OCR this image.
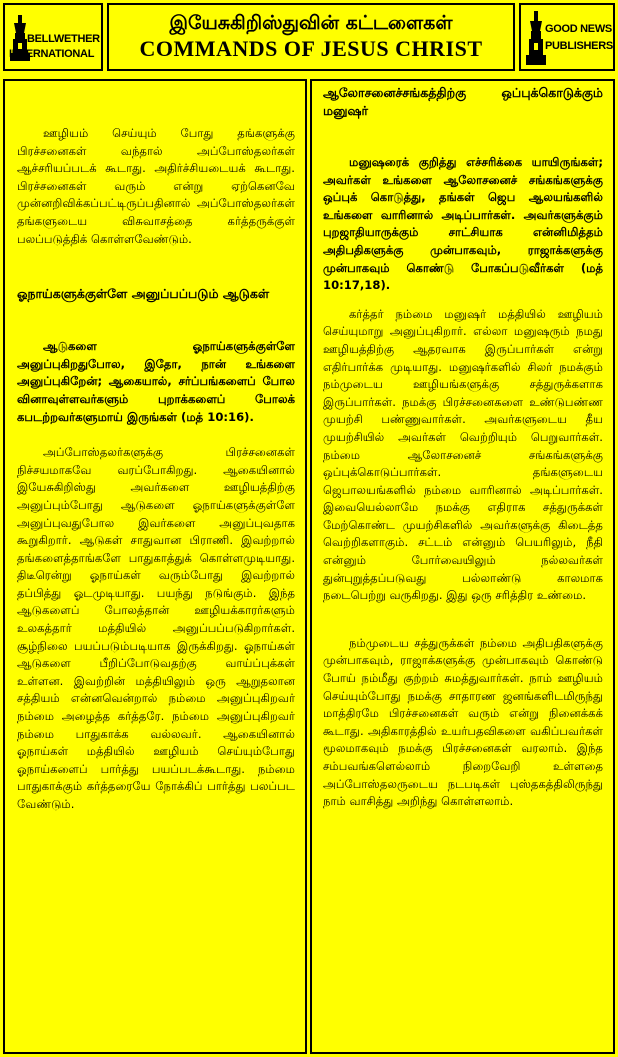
BELLWETHER
INTERNATIONAL
இயேசுகிறிஸ்துவின் கட்டளைகள்
COMMANDS OF JESUS CHRIST
GOOD NEWS
PUBLISHERS

ஊழியம் செய்யும் போது தங்களுக்கு பிரச்சனைகள் வந்தால் அப்போஸ்தலர்கள் ஆச்சரியப்படக் கூடாது. அதிர்ச்சியடையக் கூடாது. பிரச்சனைகள் வரும் என்று ஏற்கெனவே முன்னறிவிக்கப்பட்டிருப்பதினால் அப்போஸ்தலர்கள் தங்களுடைய விசுவாசத்தை கர்த்தருக்குள் பலப்படுத்திக் கொள்ளவேண்டும்.

ஓநாய்களுக்குள்ளே அனுப்பப்படும் ஆடுகள்

ஆடுகளை ஓநாய்களுக்குள்ளே அனுப்புகிறதுபோல, இதோ, நான் உங்களை அனுப்புகிறேன்; ஆகையால், சர்ப்பங்களைப் போல வினாவுள்ளவர்களும் புறாக்களைப் போலக் கபடற்றவர்களுமாய் இருங்கள் (மத் 10:16).

அப்போஸ்தலர்களுக்கு பிரச்சனைகள் நிச்சயமாகவே வரப்போகிறது. ஆகையினால் இயேசுகிறிஸ்து அவர்களை ஊழியத்திற்கு அனுப்பும்போது ஆடுகளை ஓநாய்களுக்குள்ளே அனுப்புவதுபோல இவர்களை அனுப்புவதாக கூறுகிறார். ஆடுகள் சாதுவான பிராணி. இவற்றால் தங்களைத்தாங்களே பாதுகாத்துக் கொள்ளமுடியாது. திடீரென்று ஓநாய்கள் வரும்போது இவற்றால் தப்பித்து ஓடமுடியாது. பயந்து நடுங்கும். இந்த ஆடுகளைப் போலத்தான் ஊழியக்காரர்களும் உலகத்தார் மத்தியில் அனுப்பப்படுகிறார்கள். சூழ்நிலை பயப்படும்படியாக இருக்கிறது. ஓநாய்கள் ஆடுகளை பீறிப்போடுவதற்கு வாய்ப்புக்கள் உள்ளன. இவற்றின் மத்தியிலும் ஒரு ஆறுதலான சத்தியம் என்னவென்றால் நம்மை அனுப்புகிறவர் நம்மை அழைத்த கர்த்தரே. நம்மை அனுப்புகிறவர் நம்மை பாதுகாக்க வல்லவர். ஆகையினால் ஓநாய்கள் மத்தியில் ஊழியம் செய்யும்போது ஓநாய்களைப் பார்த்து பயப்படக்கூடாது. நம்மை பாதுகாக்கும் கர்த்தரையே நோக்கிப் பார்த்து பலப்பட வேண்டும்.

ஆலோசனைச்சங்கத்திற்கு ஒப்புக்கொடுக்கும் மனுஷர்

மனுஷரைக் குறித்து எச்சரிக்கை யாயிருங்கள்; அவர்கள் உங்களை ஆலோசனைச் சங்கங்களுக்கு ஒப்புக் கொடுத்து, தங்கள் ஜெப ஆலயங்களில் உங்களை வாரினால் அடிப்பார்கள். அவர்களுக்கும் புறஜாதியாருக்கும் சாட்சியாக என்னிமித்தம் அதிபதிகளுக்கு முன்பாகவும், ராஜாக்களுக்கு முன்பாகவும் கொண்டு போகப்படுவீர்கள் (மத் 10:17,18).

கர்த்தர் நம்மை மனுஷர் மத்தியில் ஊழியம் செய்யுமாறு அனுப்புகிறார். எல்லா மனுஷரும் நமது ஊழியத்திற்கு ஆதரவாக இருப்பார்கள் என்று எதிர்பார்க்க முடியாது. மனுஷர்களில் சிலர் நமக்கும் நம்முடைய ஊழியங்களுக்கு சத்துருக்களாக இருப்பார்கள். நமக்கு பிரச்சனைகளை உண்டுபண்ண முயற்சி பண்ணுவார்கள். அவர்களுடைய தீய முயற்சியில் அவர்கள் வெற்றியும் பெறுவார்கள். நம்மை ஆலோசனைச் சங்கங்களுக்கு ஒப்புக்கொடுப்பார்கள். தங்களுடைய ஜெபாலயங்களில் நம்மை வாரினால் அடிப்பார்கள். இவையெல்லாமே நமக்கு எதிராக சத்துருக்கள் மேற்கொண்ட முயற்சிகளில் அவர்களுக்கு கிடைத்த வெற்றிகளாகும். சட்டம் என்னும் பெயரிலும், நீதி என்னும் போர்வையிலும் நல்லவர்கள் துன்புறுத்தப்படுவது பல்லாண்டு காலமாக நடைபெற்று வருகிறது. இது ஒரு சரித்திர உண்மை.

நம்முடைய சத்துருக்கள் நம்மை அதிபதிகளுக்கு முன்பாகவும், ராஜாக்களுக்கு முன்பாகவும் கொண்டு போய் நம்மீது குற்றம் சுமத்துவார்கள். நாம் ஊழியம் செய்யும்போது நமக்கு சாதாரண ஜனங்களிடமிருந்து மாத்திரமே பிரச்சனைகள் வரும் என்று நினைக்கக் கூடாது. அதிகாரத்தில் உயர்பதவிகளை வகிப்பவர்கள் மூலமாகவும் நமக்கு பிரச்சனைகள் வரலாம். இந்த சம்பவங்களெல்லாம் நிறைவேறி உள்ளதை அப்போஸ்தலருடைய நடபடிகள் புஸ்தகத்திலிருந்து நாம் வாசித்து அறிந்து கொள்ளலாம்.
